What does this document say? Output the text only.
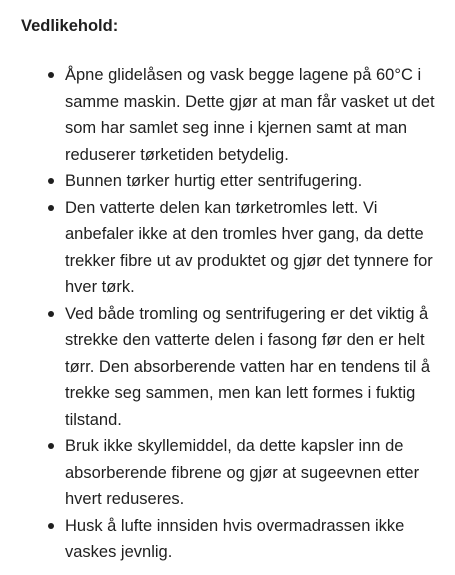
Vedlikehold:
Åpne glidelåsen og vask begge lagene på 60°C i samme maskin. Dette gjør at man får vasket ut det som har samlet seg inne i kjernen samt at man reduserer tørketiden betydelig.
Bunnen tørker hurtig etter sentrifugering.
Den vatterte delen kan tørketromles lett. Vi anbefaler ikke at den tromles hver gang, da dette trekker fibre ut av produktet og gjør det tynnere for hver tørk.
Ved både tromling og sentrifugering er det viktig å strekke den vatterte delen i fasong før den er helt tørr. Den absorberende vatten har en tendens til å trekke seg sammen, men kan lett formes i fuktig tilstand.
Bruk ikke skyllemiddel, da dette kapsler inn de absorberende fibrene og gjør at sugeevnen etter hvert reduseres.
Husk å lufte innsiden hvis overmadrassen ikke vaskes jevnlig.
